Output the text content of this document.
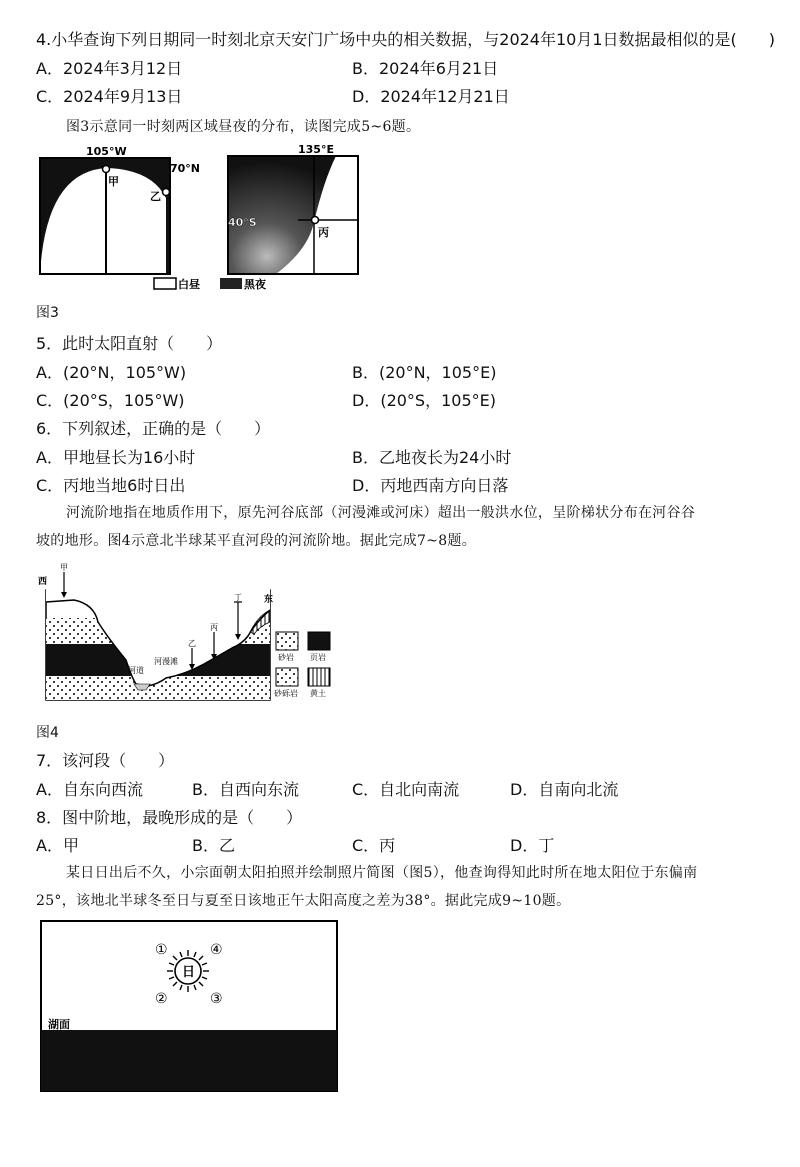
4.小华查询下列日期同一时刻北京天安门广场中央的相关数据，与2024年10月1日数据最相似的是(　　)
A．2024年3月12日	B．2024年6月21日
C．2024年9月13日	D．2024年12月21日
图3示意同一时刻两区域昼夜的分布，读图完成5~6题。
105°W
70°N
甲
乙
135°E
40°S
丙
白昼	黑夜
图3
5．此时太阳直射（　　）
A．(20°N，105°W)	B．(20°N，105°E)
C．(20°S，105°W)	D．(20°S，105°E)
6．下列叙述，正确的是（　　）
A．甲地昼长为16小时	B．乙地夜长为24小时
C．丙地当地6时日出	D．丙地西南方向日落
河流阶地指在地质作用下，原先河谷底部（河漫滩或河床）超出一般洪水位，呈阶梯状分布在河谷谷
坡的地形。图4示意北半球某平直河段的河流阶地。据此完成7~8题。
西
东
甲
乙
丙
丁
河道
河漫滩	砂岩 页岩
砂砾岩 黄土
图4
7．该河段（　　）
A．自东向西流	B．自西向东流	C．自北向南流	D．自南向北流
8．图中阶地，最晚形成的是（　　）
A．甲	B．乙	C．丙	D．丁
某日日出后不久，小宗面朝太阳拍照并绘制照片简图（图5），他查询得知此时所在地太阳位于东偏南
25°，该地北半球冬至日与夏至日该地正午太阳高度之差为38°。据此完成9~10题。
湖面
日
①	④
②	③
